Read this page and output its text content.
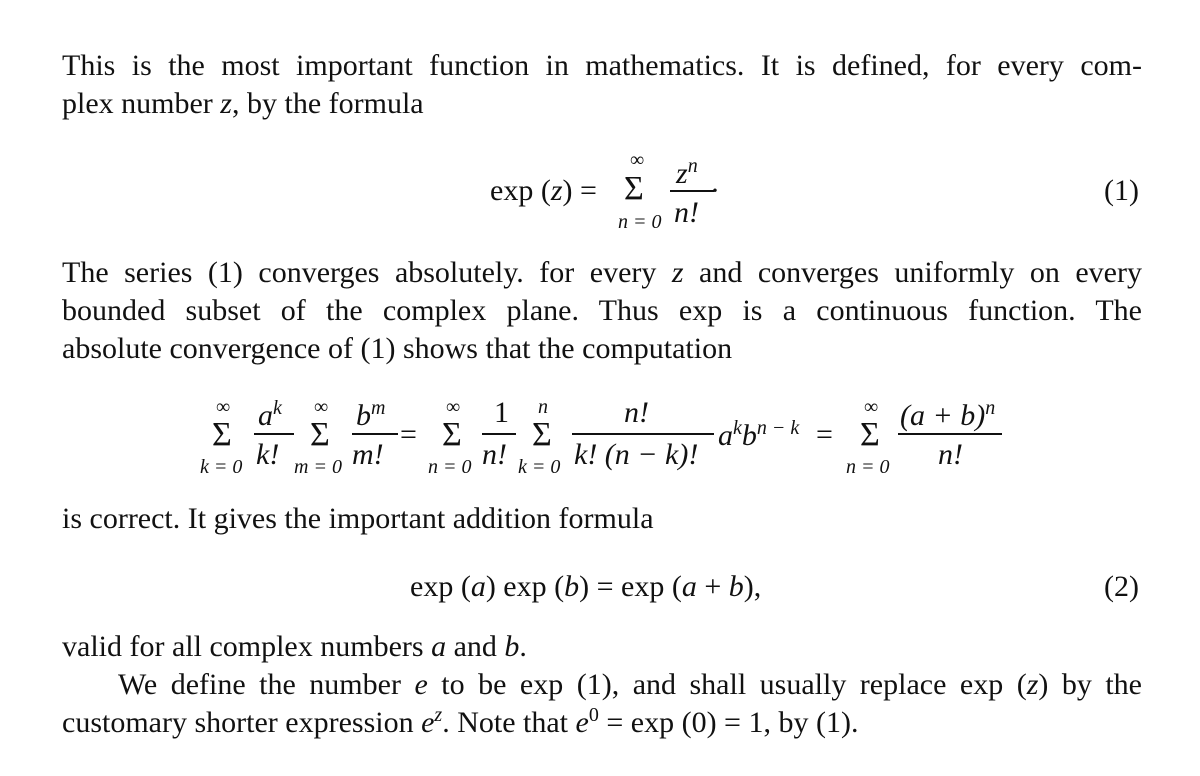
This is the most important function in mathematics. It is defined, for every com-
plex number z, by the formula
exp (z) =
∞
Σ
n = 0
$z^n$
n!
·	(1)
The series (1) converges absolutely. for every z and converges uniformly on every
bounded subset of the complex plane. Thus exp is a continuous function. The
absolute convergence of (1) shows that the computation
∞
Σ
k = 0
$a^k$
k!
∞
Σ
m = 0
$b^m$
m!
=
∞
Σ
n = 0
1
n!
n
Σ
k = 0
n!
k! (n − k)!
$a^kb^{n - k}$ =
∞
Σ
n = 0
$(a + b)^n$
n!
is correct. It gives the important addition formula
exp (a) exp (b) = exp (a + b),	(2)
valid for all complex numbers a and b.
We define the number e to be exp (1), and shall usually replace exp (z) by the
customary shorter expression $e^z$. Note that $e^0 = \exp (0) = 1$, by (1).
